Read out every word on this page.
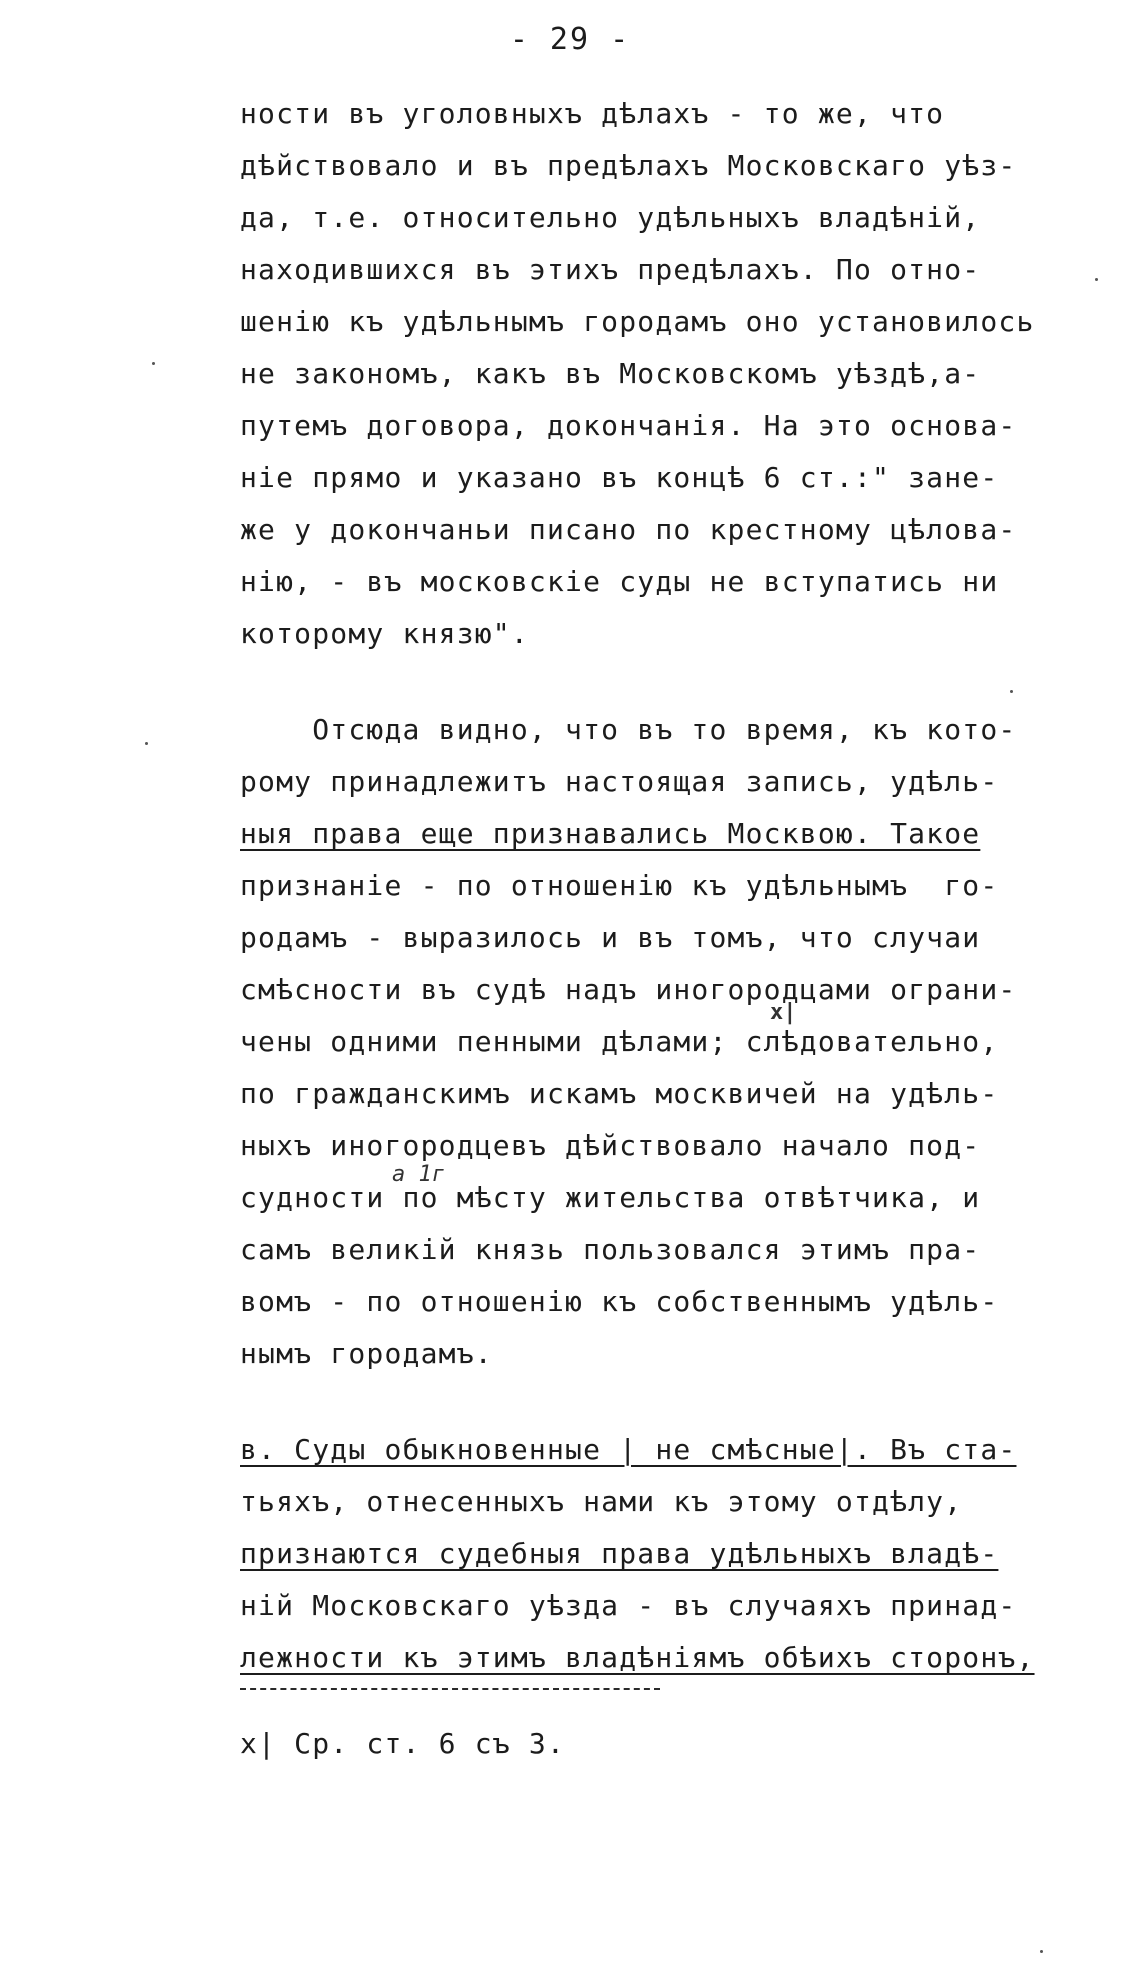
- 29 -
ности въ уголовныхъ дѣлахъ - то же, что
дѣйствовало и въ предѣлахъ Московскаго уѣз-
да, т.е. относительно удѣльныхъ владѣній,
находившихся въ этихъ предѣлахъ. По отно-
шенію къ удѣльнымъ городамъ оно установилось
не закономъ, какъ въ Московскомъ уѣздѣ,а-
путемъ договора, докончанія. На это основа-
ніе прямо и указано въ концѣ 6 ст.:" зане-
же у докончаньи писано по крестному цѣлова-
нію, - въ московскіе суды не вступатись ни
которому князю".
Отсюда видно, что въ то время, къ кото-
рому принадлежитъ настоящая запись, удѣль-
ныя права еще признавались Москвою. Такое
признаніе - по отношенію къ удѣльнымъ  го-
родамъ - выразилось и въ томъ, что случаи
смѣсности въ судѣ надъ иногородцами ограни-
чены одними пенными дѣлами; слѣдовательно,
по гражданскимъ искамъ москвичей на удѣль-
ныхъ иногородцевъ дѣйствовало начало под-
судности по мѣсту жительства отвѣтчика, и
самъ великій князь пользовался этимъ пра-
вомъ - по отношенію къ собственнымъ удѣль-
нымъ городамъ.
в. Суды обыкновенные | не смѣсные|. Въ ста-
тьяхъ, отнесенныхъ нами къ этому отдѣлу,
признаются судебныя права удѣльныхъ владѣ-
ній Московскаго уѣзда - въ случаяхъ принад-
лежности къ этимъ владѣніямъ обѣихъ сторонъ,
x|
а 1г
x| Ср. ст. 6 съ 3.
